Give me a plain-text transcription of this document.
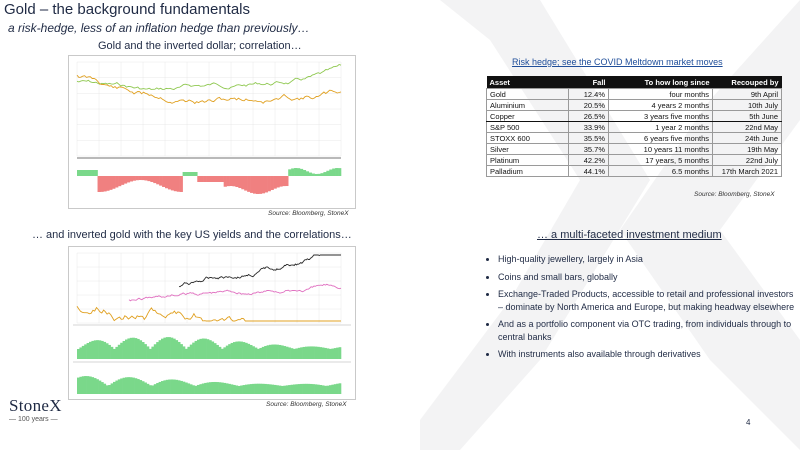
Gold – the background fundamentals
a risk-hedge, less of an inflation hedge than previously…
Gold and the inverted dollar; correlation…
Source: Bloomberg, StoneX
… and inverted gold with the key US yields and the correlations…
Source: Bloomberg, StoneX
Risk hedge; see the COVID Meltdown market moves
Asset	Fall	To how long since	Recouped by
Gold	12.4%	four months	9th April
Aluminium	20.5%	4 years 2 months	10th July
Copper	26.5%	3 years five months	5th June
S&P 500	33.9%	1 year 2 months	22nd May
STOXX 600	35.5%	6 years five months	24th June
Silver	35.7%	10 years 11 months	19th May
Platinum	42.2%	17 years, 5 months	22nd July
Palladium	44.1%	6.5 months	17th March 2021
Source: Bloomberg, StoneX
… a multi-faceted investment medium
• High-quality jewellery, largely in Asia
• Coins and small bars, globally
• Exchange-Traded Products, accessible to retail and professional investors – dominate by North America and Europe, but making headway elsewhere
• And as a portfolio component via OTC trading, from individuals through to central banks
• With instruments also available through derivatives
StoneX
— 100 years —	4
